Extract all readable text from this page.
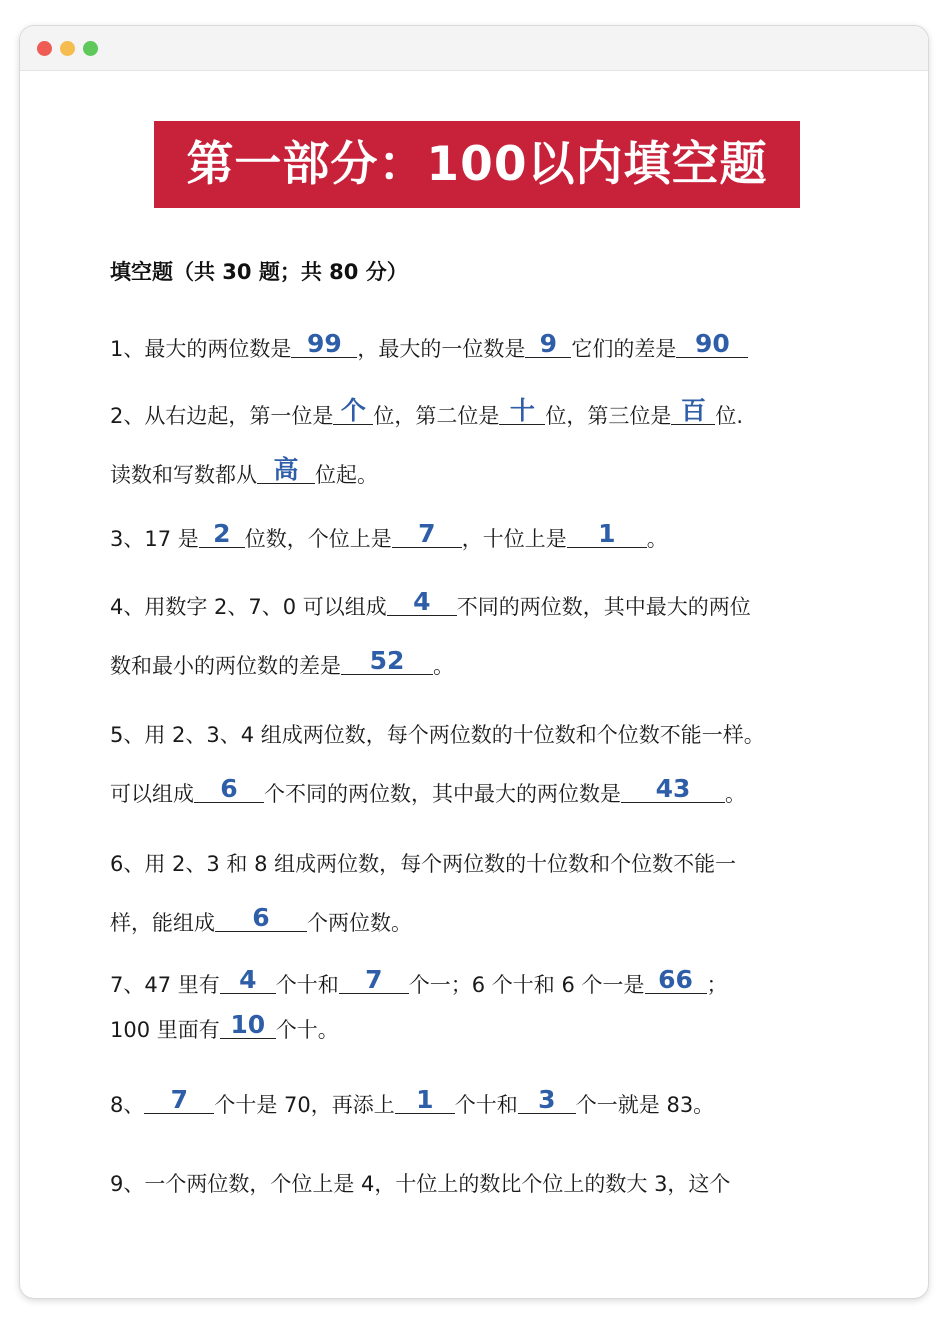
第一部分：100以内填空题
填空题（共 30 题；共 80 分）
1、最大的两位数是 99 ，最大的一位数是 9 它们的差是 90
2、从右边起，第一位是 个 位，第二位是 十 位，第三位是 百 位.
读数和写数都从 高 位起。
3、17 是 2 位数，个位上是 7 ，十位上是 1 。
4、用数字 2、7、0 可以组成 4 不同的两位数，其中最大的两位
数和最小的两位数的差是 52 。
5、用 2、3、4 组成两位数，每个两位数的十位数和个位数不能一样。
可以组成 6 个不同的两位数，其中最大的两位数是 43 。
6、用 2、3 和 8 组成两位数，每个两位数的十位数和个位数不能一
样，能组成 6 个两位数。
7、47 里有 4 个十和 7 个一；6 个十和 6 个一是 66 ；
100 里面有 10 个十。
8、 7 个十是 70，再添上 1 个十和 3 个一就是 83。
9、一个两位数，个位上是 4，十位上的数比个位上的数大 3，这个
